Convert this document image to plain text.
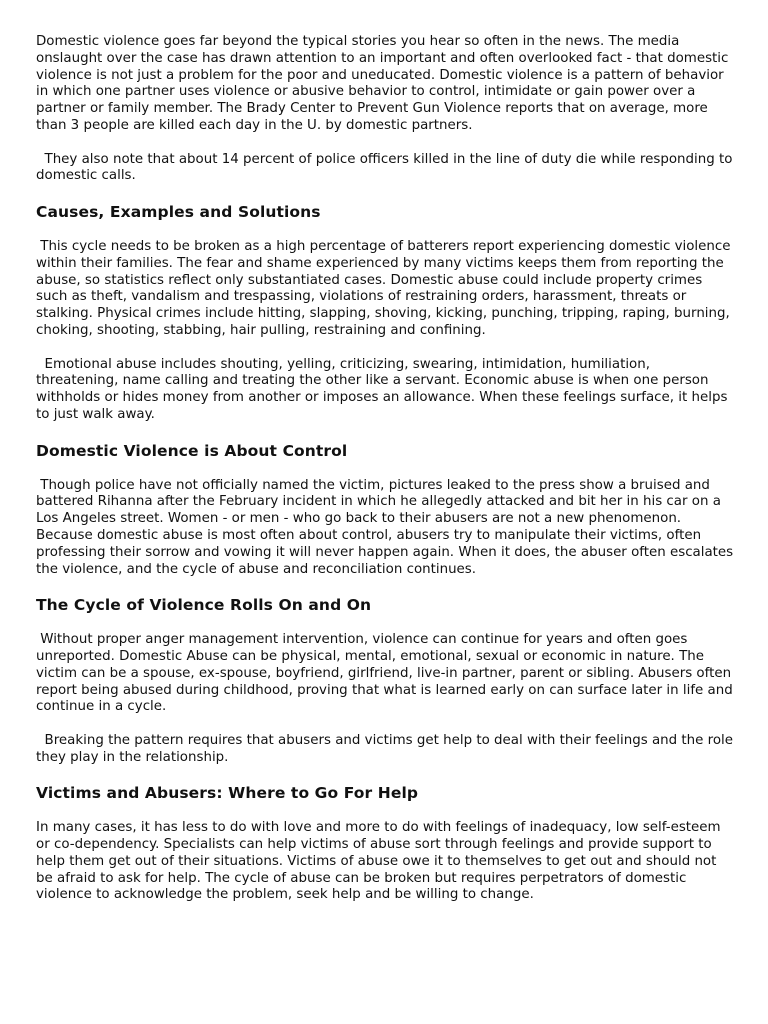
Domestic violence goes far beyond the typical stories you hear so often in the news. The media onslaught over the case has drawn attention to an important and often overlooked fact - that domestic violence is not just a problem for the poor and uneducated. Domestic violence is a pattern of behavior in which one partner uses violence or abusive behavior to control, intimidate or gain power over a partner or family member. The Brady Center to Prevent Gun Violence reports that on average, more than 3 people are killed each day in the U. by domestic partners.

They also note that about 14 percent of police officers killed in the line of duty die while responding to domestic calls.

Causes, Examples and Solutions

This cycle needs to be broken as a high percentage of batterers report experiencing domestic violence within their families. The fear and shame experienced by many victims keeps them from reporting the abuse, so statistics reflect only substantiated cases. Domestic abuse could include property crimes such as theft, vandalism and trespassing, violations of restraining orders, harassment, threats or stalking. Physical crimes include hitting, slapping, shoving, kicking, punching, tripping, raping, burning, choking, shooting, stabbing, hair pulling, restraining and confining.

Emotional abuse includes shouting, yelling, criticizing, swearing, intimidation, humiliation, threatening, name calling and treating the other like a servant. Economic abuse is when one person withholds or hides money from another or imposes an allowance. When these feelings surface, it helps to just walk away.

Domestic Violence is About Control

Though police have not officially named the victim, pictures leaked to the press show a bruised and battered Rihanna after the February incident in which he allegedly attacked and bit her in his car on a Los Angeles street. Women - or men - who go back to their abusers are not a new phenomenon. Because domestic abuse is most often about control, abusers try to manipulate their victims, often professing their sorrow and vowing it will never happen again. When it does, the abuser often escalates the violence, and the cycle of abuse and reconciliation continues.

The Cycle of Violence Rolls On and On

Without proper anger management intervention, violence can continue for years and often goes unreported. Domestic Abuse can be physical, mental, emotional, sexual or economic in nature. The victim can be a spouse, ex-spouse, boyfriend, girlfriend, live-in partner, parent or sibling. Abusers often report being abused during childhood, proving that what is learned early on can surface later in life and continue in a cycle.

Breaking the pattern requires that abusers and victims get help to deal with their feelings and the role they play in the relationship.

Victims and Abusers: Where to Go For Help

In many cases, it has less to do with love and more to do with feelings of inadequacy, low self-esteem or co-dependency. Specialists can help victims of abuse sort through feelings and provide support to help them get out of their situations. Victims of abuse owe it to themselves to get out and should not be afraid to ask for help. The cycle of abuse can be broken but requires perpetrators of domestic violence to acknowledge the problem, seek help and be willing to change.
